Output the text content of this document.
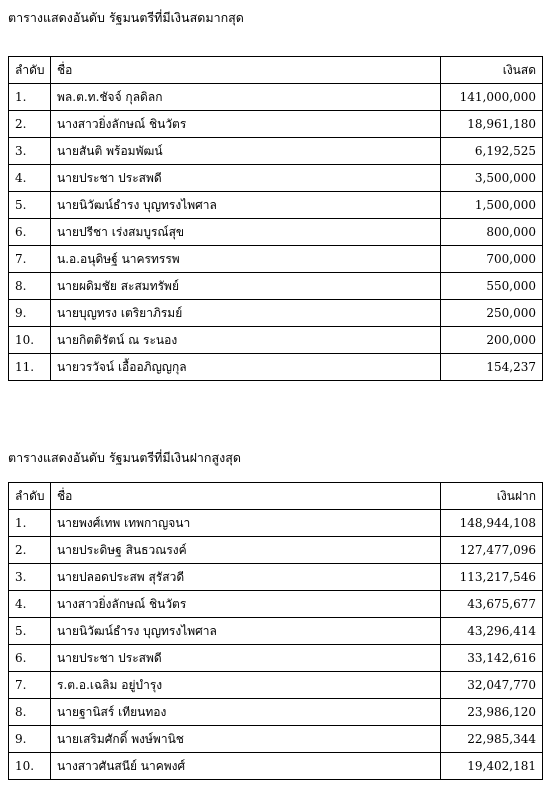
ตารางแสดงอันดับ รัฐมนตรีที่มีเงินสดมากสุด
ลำดับ	ชื่อ	เงินสด
1.	พล.ต.ท.ชัจจ์ กุลดิลก	141,000,000
2.	นางสาวยิ่งลักษณ์ ชินวัตร	18,961,180
3.	นายสันติ พร้อมพัฒน์	6,192,525
4.	นายประชา ประสพดี	3,500,000
5.	นายนิวัฒน์ธำรง บุญทรงไพศาล	1,500,000
6.	นายปรีชา เร่งสมบูรณ์สุข	800,000
7.	น.อ.อนุดิษฐ์ นาครทรรพ	700,000
8.	นายผดิมชัย สะสมทรัพย์	550,000
9.	นายบุญทรง เตริยาภิรมย์	250,000
10.	นายกิตติรัตน์ ณ ระนอง	200,000
11.	นายวรวัจน์ เอื้ออภิญญกุล	154,237
ตารางแสดงอันดับ รัฐมนตรีที่มีเงินฝากสูงสุด
ลำดับ	ชื่อ	เงินฝาก
1.	นายพงศ์เทพ เทพกาญจนา	148,944,108
2.	นายประดิษฐ สินธวณรงค์	127,477,096
3.	นายปลอดประสพ สุรัสวดี	113,217,546
4.	นางสาวยิ่งลักษณ์ ชินวัตร	43,675,677
5.	นายนิวัฒน์ธำรง บุญทรงไพศาล	43,296,414
6.	นายประชา ประสพดี	33,142,616
7.	ร.ต.อ.เฉลิม อยู่บำรุง	32,047,770
8.	นายฐานิสร์ เทียนทอง	23,986,120
9.	นายเสริมศักดิ์ พงษ์พานิช	22,985,344
10.	นางสาวศันสนีย์ นาคพงศ์	19,402,181
